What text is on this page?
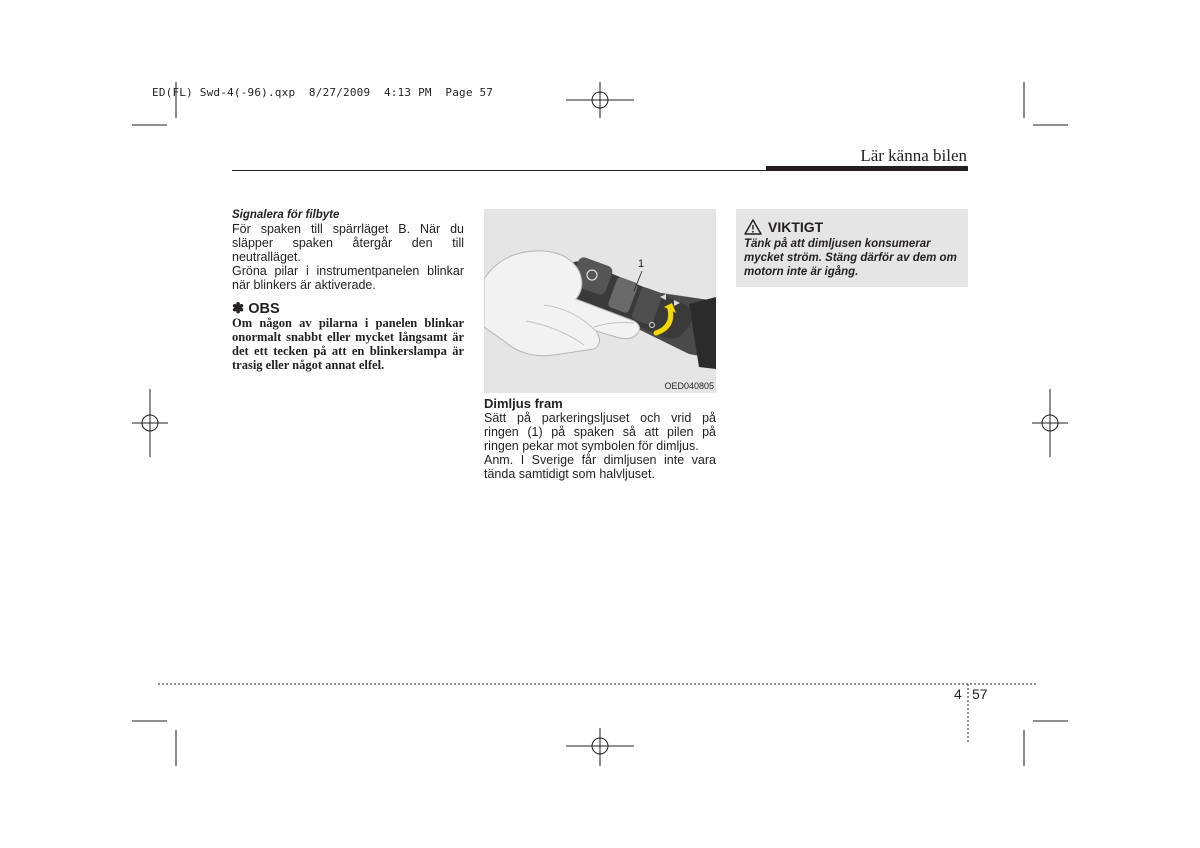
ED(FL) Swd-4(-96).qxp  8/27/2009  4:13 PM  Page 57
Lär känna bilen

Signalera för filbyte

För spaken till spärrläget B. När du släpper spaken återgår den till neutralläget.

Gröna pilar i instrumentpanelen blinkar när blinkers är aktiverade.

✽ OBS

Om någon av pilarna i panelen blinkar onormalt snabbt eller mycket långsamt är det ett tecken på att en blinkerslampa är trasig eller något annat elfel.

1
OED040805

Dimljus fram

Sätt på parkeringsljuset och vrid på ringen (1) på spaken så att pilen på ringen pekar mot symbolen för dimljus.

Anm. I Sverige får dimljusen inte vara tända samtidigt som halvljuset.

VIKTIGT
Tänk på att dimljusen konsumerar mycket ström. Stäng därför av dem om motorn inte är igång.
4 57
